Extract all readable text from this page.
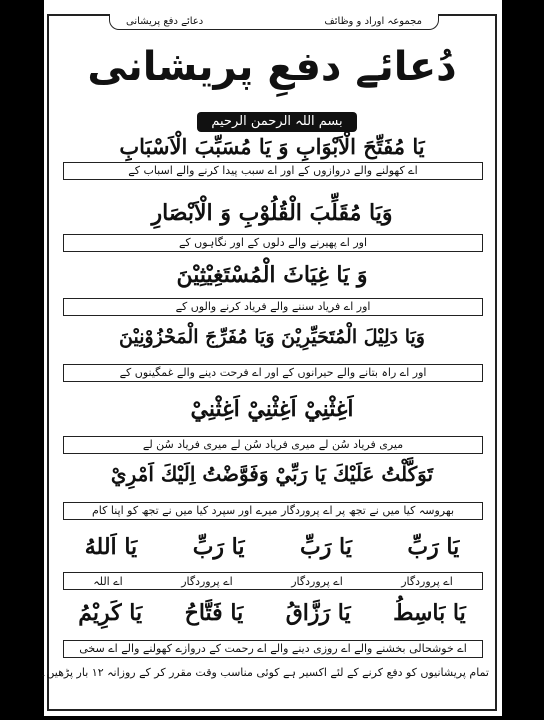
مجموعہ اوراد و وظائف
دعائے دفع پریشانی
دُعائے دفعِ پریشانی
بسم اللہ الرحمن الرحیم
يَا مُفَتِّحَ الْاَبْوَابِ وَ يَا مُسَبِّبَ الْاَسْبَابِ
اے کھولنے والے دروازوں کے اور اے سبب پیدا کرنے والے اسباب کے
وَيَا مُقَلِّبَ الْقُلُوْبِ وَ الْاَبْصَارِ
اور اے پھیرنے والے دلوں کے اور نگاہوں کے
وَ يَا غِيَاثَ الْمُسْتَغِيْثِيْنَ
اور اے فریاد سننے والے فریاد کرنے والوں کے
وَيَا دَلِيْلَ الْمُتَحَيِّرِيْنَ وَيَا مُفَرِّجَ الْمَحْزُوْنِيْنَ
اور اے راہ بتانے والے حیرانوں کے اور اے فرحت دینے والے غمگینوں کے
اَغِثْنِيْ اَغِثْنِيْ اَغِثْنِيْ
میری فریاد سُن لے میری فریاد سُن لے میری فریاد سُن لے
تَوَكَّلْتُ عَلَيْكَ يَا رَبِّيْ وَفَوَّضْتُ اِلَيْكَ اَمْرِيْ
بھروسہ کیا میں نے تجھ پر اے پروردگار میرے اور سپرد کیا میں نے تجھ کو اپنا کام
يَا رَبِّ
يَا رَبِّ
يَا رَبِّ
يَا اَللهُ
اے پروردگار
اے پروردگار
اے پروردگار
اے اللہ
يَا بَاسِطُ
يَا رَزَّاقُ
يَا فَتَّاحُ
يَا كَرِيْمُ
اے خوشحالی بخشنے والے اے روزی دینے والے اے رحمت کے دروازے کھولنے والے اے سخی
تمام پریشانیوں کو دفع کرنے کے لئے اکسیر ہے کوئی مناسب وقت مقرر کر کے روزانہ ۱۲ بار پڑھیں۔
